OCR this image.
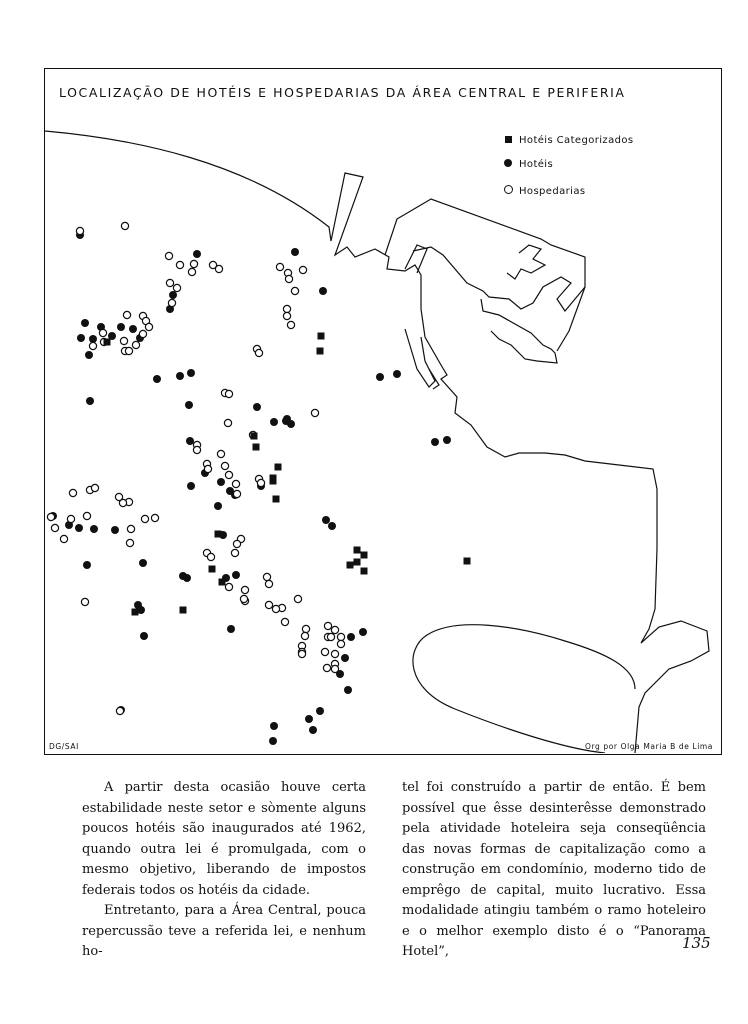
LOCALIZAÇÃO DE HOTÉIS E HOSPEDARIAS DA ÁREA CENTRAL E PERIFERIA
Hotéis Categorizados
Hotéis
Hospedarias
DG/SAI	Org por Olga Maria B de Lima

A partir desta ocasião houve certa estabilidade neste setor e sòmente alguns poucos hotéis são inaugurados até 1962, quando outra lei é promulgada, com o mesmo objetivo, liberando de impostos federais todos os hotéis da cidade.

Entretanto, para a Área Central, pouca repercussão teve a referida lei, e nenhum ho-

tel foi construído a partir de então. É bem possível que êsse desinterêsse demonstrado pela atividade hoteleira seja conseqüência das novas formas de capitalização como a construção em condomínio, moderno tido de emprêgo de capital, muito lucrativo. Essa modalidade atingiu também o ramo hoteleiro e o melhor exemplo disto é o “Panorama Hotel”,	135
